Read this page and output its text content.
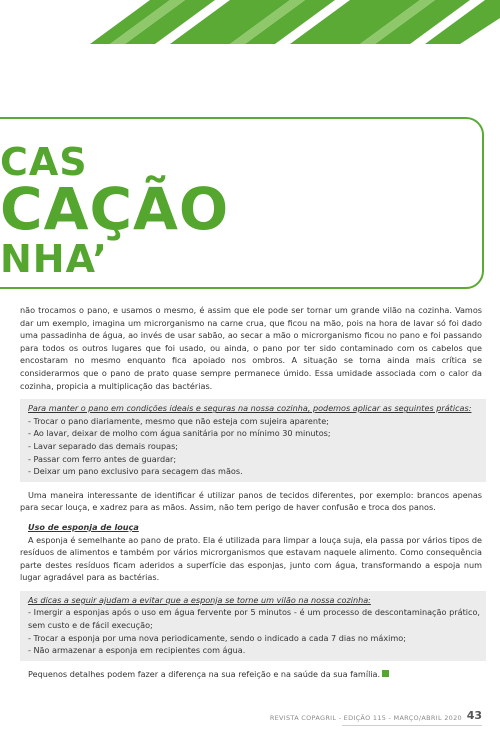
CAS
CAÇÃO
NHA’

não trocamos o pano, e usamos o mesmo, é assim que ele pode ser tornar um grande vilão na cozinha. Vamos dar um exemplo, imagina um microrganismo na carne crua, que ficou na mão, pois na hora de lavar só foi dado uma passadinha de água, ao invés de usar sabão, ao secar a mão o microrganismo ficou no pano e foi passando para todos os outros lugares que foi usado, ou ainda, o pano por ter sido contaminado com os cabelos que encostaram no mesmo enquanto fica apoiado nos ombros. A situação se torna ainda mais crítica se considerarmos que o pano de prato quase sempre permanece úmido. Essa umidade associada com o calor da cozinha, propicia a multiplicação das bactérias.

Para manter o pano em condições ideais e seguras na nossa cozinha, podemos aplicar as seguintes práticas:

- Trocar o pano diariamente, mesmo que não esteja com sujeira aparente;

- Ao lavar, deixar de molho com água sanitária por no mínimo 30 minutos;

- Lavar separado das demais roupas;

- Passar com ferro antes de guardar;

- Deixar um pano exclusivo para secagem das mãos.

Uma maneira interessante de identificar é utilizar panos de tecidos diferentes, por exemplo: brancos apenas para secar louça, e xadrez para as mãos. Assim, não tem perigo de haver confusão e troca dos panos.

Uso de esponja de louça

A esponja é semelhante ao pano de prato. Ela é utilizada para limpar a louça suja, ela passa por vários tipos de resíduos de alimentos e também por vários microrganismos que estavam naquele alimento. Como consequência parte destes resíduos ficam aderidos a superfície das esponjas, junto com água, transformando a espoja num lugar agradável para as bactérias.

As dicas a seguir ajudam a evitar que a esponja se torne um vilão na nossa cozinha:

- Imergir a esponjas após o uso em água fervente por 5 minutos - é um processo de descontaminação prático, sem custo e de fácil execução;

- Trocar a esponja por uma nova periodicamente, sendo o indicado a cada 7 dias no máximo;

- Não armazenar a esponja em recipientes com água.

Pequenos detalhes podem fazer a diferença na sua refeição e na saúde da sua família.

REVISTA COPAGRIL - EDIÇÃO 115 - MARÇO/ABRIL 2020 43
